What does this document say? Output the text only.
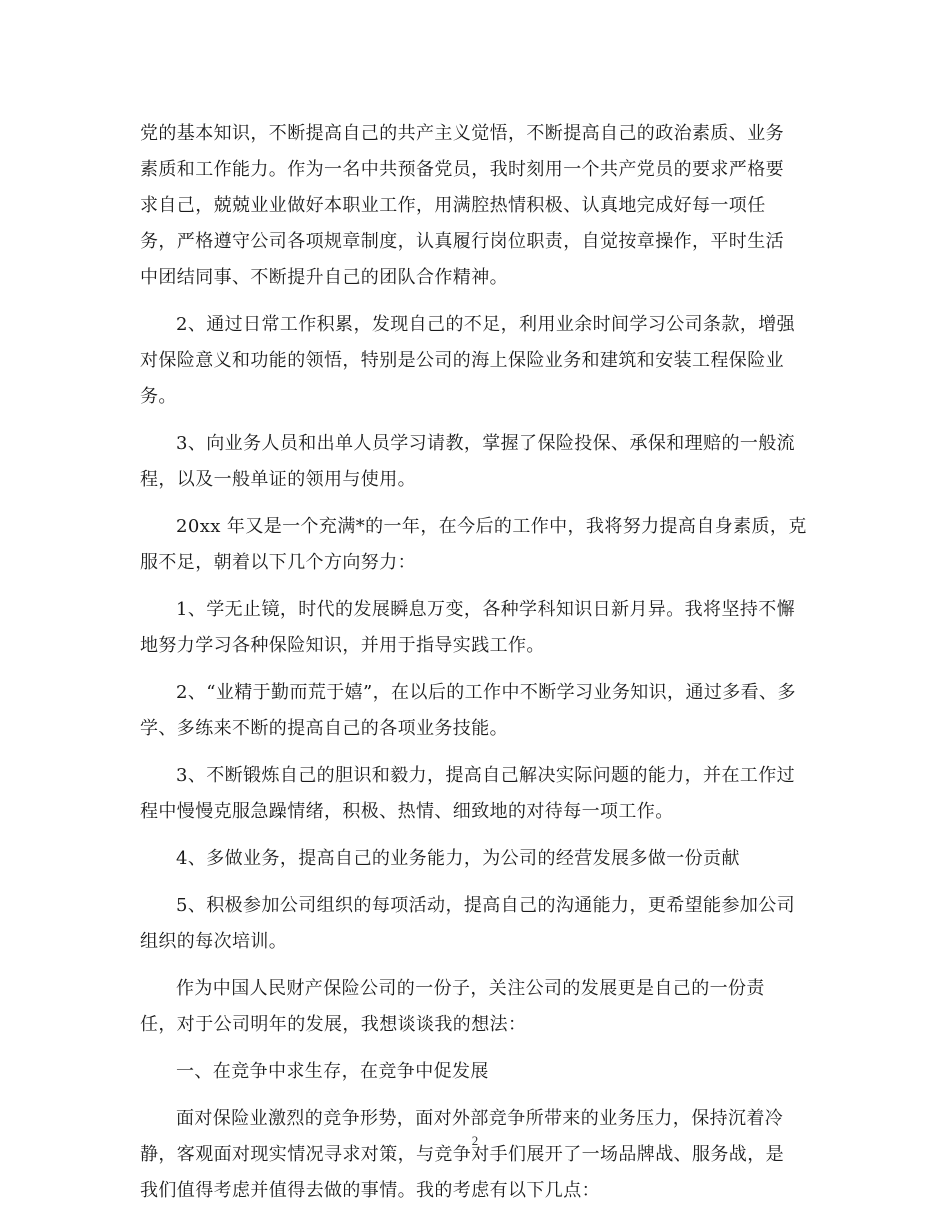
党的基本知识，不断提高自己的共产主义觉悟，不断提高自己的政治素质、业务
素质和工作能力。作为一名中共预备党员，我时刻用一个共产党员的要求严格要
求自己，兢兢业业做好本职业工作，用满腔热情积极、认真地完成好每一项任
务，严格遵守公司各项规章制度，认真履行岗位职责，自觉按章操作，平时生活
中团结同事、不断提升自己的团队合作精神。

2、通过日常工作积累，发现自己的不足，利用业余时间学习公司条款，增强
对保险意义和功能的领悟，特别是公司的海上保险业务和建筑和安装工程保险业
务。

3、向业务人员和出单人员学习请教，掌握了保险投保、承保和理赔的一般流
程，以及一般单证的领用与使用。

20xx 年又是一个充满*的一年，在今后的工作中，我将努力提高自身素质，克
服不足，朝着以下几个方向努力：

1、学无止镜，时代的发展瞬息万变，各种学科知识日新月异。我将坚持不懈
地努力学习各种保险知识，并用于指导实践工作。

2、“业精于勤而荒于嬉”，在以后的工作中不断学习业务知识，通过多看、多
学、多练来不断的提高自己的各项业务技能。

3、不断锻炼自己的胆识和毅力，提高自己解决实际问题的能力，并在工作过
程中慢慢克服急躁情绪，积极、热情、细致地的对待每一项工作。

4、多做业务，提高自己的业务能力，为公司的经营发展多做一份贡献

5、积极参加公司组织的每项活动，提高自己的沟通能力，更希望能参加公司
组织的每次培训。

作为中国人民财产保险公司的一份子，关注公司的发展更是自己的一份责
任，对于公司明年的发展，我想谈谈我的想法：

一、在竞争中求生存，在竞争中促发展

面对保险业激烈的竞争形势，面对外部竞争所带来的业务压力，保持沉着冷
静，客观面对现实情况寻求对策，与竞争对手们展开了一场品牌战、服务战，是
我们值得考虑并值得去做的事情。我的考虑有以下几点：

2
